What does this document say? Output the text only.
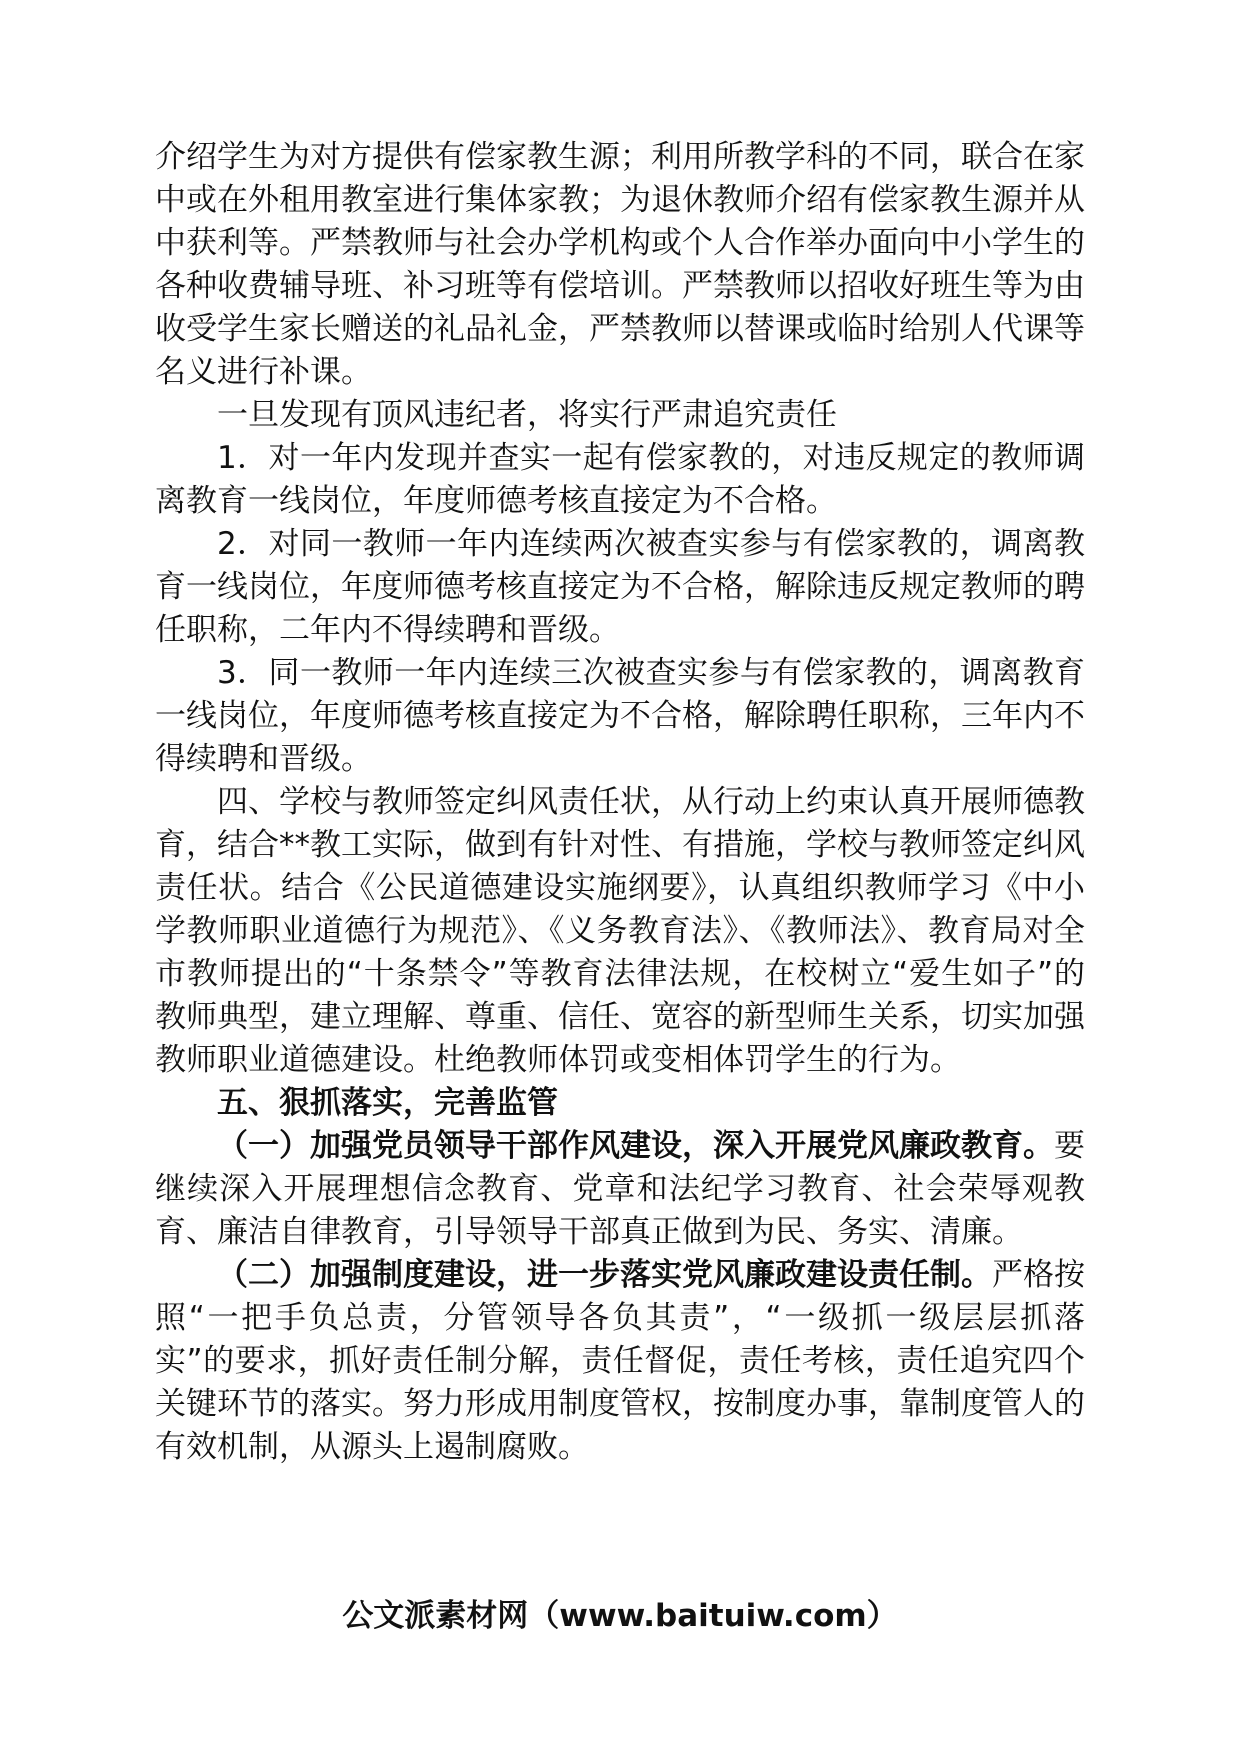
介绍学生为对方提供有偿家教生源；利用所教学科的不同，联合在家中或在外租用教室进行集体家教；为退休教师介绍有偿家教生源并从中获利等。严禁教师与社会办学机构或个人合作举办面向中小学生的各种收费辅导班、补习班等有偿培训。严禁教师以招收好班生等为由收受学生家长赠送的礼品礼金，严禁教师以替课或临时给别人代课等名义进行补课。

一旦发现有顶风违纪者，将实行严肃追究责任

1．对一年内发现并查实一起有偿家教的，对违反规定的教师调离教育一线岗位，年度师德考核直接定为不合格。

2．对同一教师一年内连续两次被查实参与有偿家教的，调离教育一线岗位，年度师德考核直接定为不合格，解除违反规定教师的聘任职称，二年内不得续聘和晋级。

3．同一教师一年内连续三次被查实参与有偿家教的，调离教育一线岗位，年度师德考核直接定为不合格，解除聘任职称，三年内不得续聘和晋级。

四、学校与教师签定纠风责任状，从行动上约束认真开展师德教育，结合**教工实际，做到有针对性、有措施，学校与教师签定纠风责任状。结合《公民道德建设实施纲要》，认真组织教师学习《中小学教师职业道德行为规范》、《义务教育法》、《教师法》、教育局对全市教师提出的“十条禁令”等教育法律法规，在校树立“爱生如子”的教师典型，建立理解、尊重、信任、宽容的新型师生关系，切实加强教师职业道德建设。杜绝教师体罚或变相体罚学生的行为。

五、狠抓落实，完善监管

（一）加强党员领导干部作风建设，深入开展党风廉政教育。要继续深入开展理想信念教育、党章和法纪学习教育、社会荣辱观教育、廉洁自律教育，引导领导干部真正做到为民、务实、清廉。

（二）加强制度建设，进一步落实党风廉政建设责任制。严格按照“一把手负总责，分管领导各负其责”，“一级抓一级层层抓落实”的要求，抓好责任制分解，责任督促，责任考核，责任追究四个关键环节的落实。努力形成用制度管权，按制度办事，靠制度管人的有效机制，从源头上遏制腐败。

公文派素材网（www.baituiw.com）
